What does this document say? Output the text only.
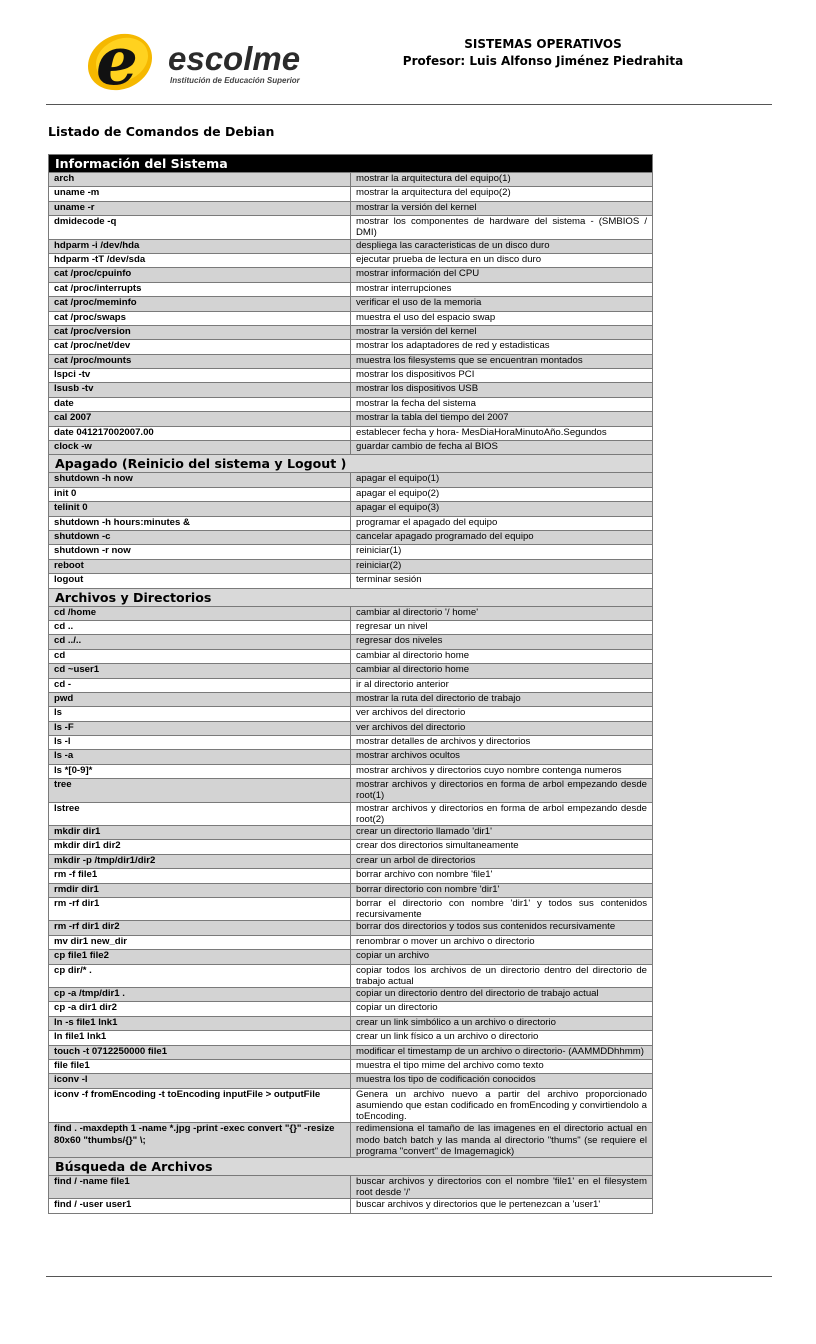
e escolme
Institución de Educación Superior
SISTEMAS OPERATIVOS
Profesor: Luis Alfonso Jiménez Piedrahita
Listado de Comandos de Debian
Información del Sistema	
arch	mostrar la arquitectura del equipo(1)
uname -m	mostrar la arquitectura del equipo(2)
uname -r	mostrar la versión del kernel
dmidecode -q	mostrar los componentes de hardware del sistema - (SMBIOS / DMI)
hdparm -i /dev/hda	despliega las caracteristicas de un disco duro
hdparm -tT /dev/sda	ejecutar prueba de lectura en un disco duro
cat /proc/cpuinfo	mostrar información del CPU
cat /proc/interrupts	mostrar interrupciones
cat /proc/meminfo	verificar el uso de la memoria
cat /proc/swaps	muestra el uso del espacio swap
cat /proc/version	mostrar la versión del kernel
cat /proc/net/dev	mostrar los adaptadores de red y estadisticas
cat /proc/mounts	muestra los filesystems que se encuentran montados
lspci -tv	mostrar los dispositivos PCI
lsusb -tv	mostrar los dispositivos USB
date	mostrar la fecha del sistema
cal 2007	mostrar la tabla del tiempo del 2007
date 041217002007.00	establecer fecha y hora- MesDiaHoraMinutoAño.Segundos
clock -w	guardar cambio de fecha al BIOS
Apagado (Reinicio del sistema y Logout )	
shutdown -h now	apagar el equipo(1)
init 0	apagar el equipo(2)
telinit 0	apagar el equipo(3)
shutdown -h hours:minutes &	programar el apagado del equipo
shutdown -c	cancelar apagado programado del equipo
shutdown -r now	reiniciar(1)
reboot	reiniciar(2)
logout	terminar sesión
Archivos y Directorios	
cd /home	cambiar al directorio '/ home'
cd ..	regresar un nivel
cd ../..	regresar dos niveles
cd	cambiar al directorio home
cd ~user1	cambiar al directorio home
cd -	ir al directorio anterior
pwd	mostrar la ruta del directorio de trabajo
ls	ver archivos del directorio
ls -F	ver archivos del directorio
ls -l	mostrar detalles de archivos y directorios
ls -a	mostrar archivos ocultos
ls *[0-9]*	mostrar archivos y directorios cuyo nombre contenga numeros
tree	mostrar archivos y directorios en forma de arbol empezando desde root(1)
lstree	mostrar archivos y directorios en forma de arbol empezando desde root(2)
mkdir dir1	crear un directorio llamado 'dir1'
mkdir dir1 dir2	crear dos directorios simultaneamente
mkdir -p /tmp/dir1/dir2	crear un arbol de directorios
rm -f file1	borrar archivo con nombre 'file1'
rmdir dir1	borrar directorio con nombre 'dir1'
rm -rf dir1	borrar el directorio con nombre 'dir1' y todos sus contenidos recursivamente
rm -rf dir1 dir2	borrar dos directorios y todos sus contenidos recursivamente
mv dir1 new_dir	renombrar o mover un archivo o directorio
cp file1 file2	copiar un archivo
cp dir/* .	copiar todos los archivos de un directorio dentro del directorio de trabajo actual
cp -a /tmp/dir1 .	copiar un directorio dentro del directorio de trabajo actual
cp -a dir1 dir2	copiar un directorio
ln -s file1 lnk1	crear un link simbólico a un archivo o directorio
ln file1 lnk1	crear un link físico a un archivo o directorio
touch -t 0712250000 file1	modificar el timestamp de un archivo o directorio- (AAMMDDhhmm)
file file1	muestra el tipo mime del archivo como texto
iconv -l	muestra los tipo de codificación conocidos
iconv -f fromEncoding -t toEncoding inputFile > outputFile	Genera un archivo nuevo a partir del archivo proporcionado asumiendo que estan codificado en fromEncoding y convirtiendolo a toEncoding.
find . -maxdepth 1 -name *.jpg -print -exec convert "{}" -resize 80x60 "thumbs/{}" \;	redimensiona el tamaño de las imagenes en el directorio actual en modo batch batch y las manda al directorio "thums" (se requiere el programa "convert" de Imagemagick)
Búsqueda de Archivos	
find / -name file1	buscar archivos y directorios con el nombre 'file1' en el filesystem root desde '/'
find / -user user1	buscar archivos y directorios que le pertenezcan a 'user1'
